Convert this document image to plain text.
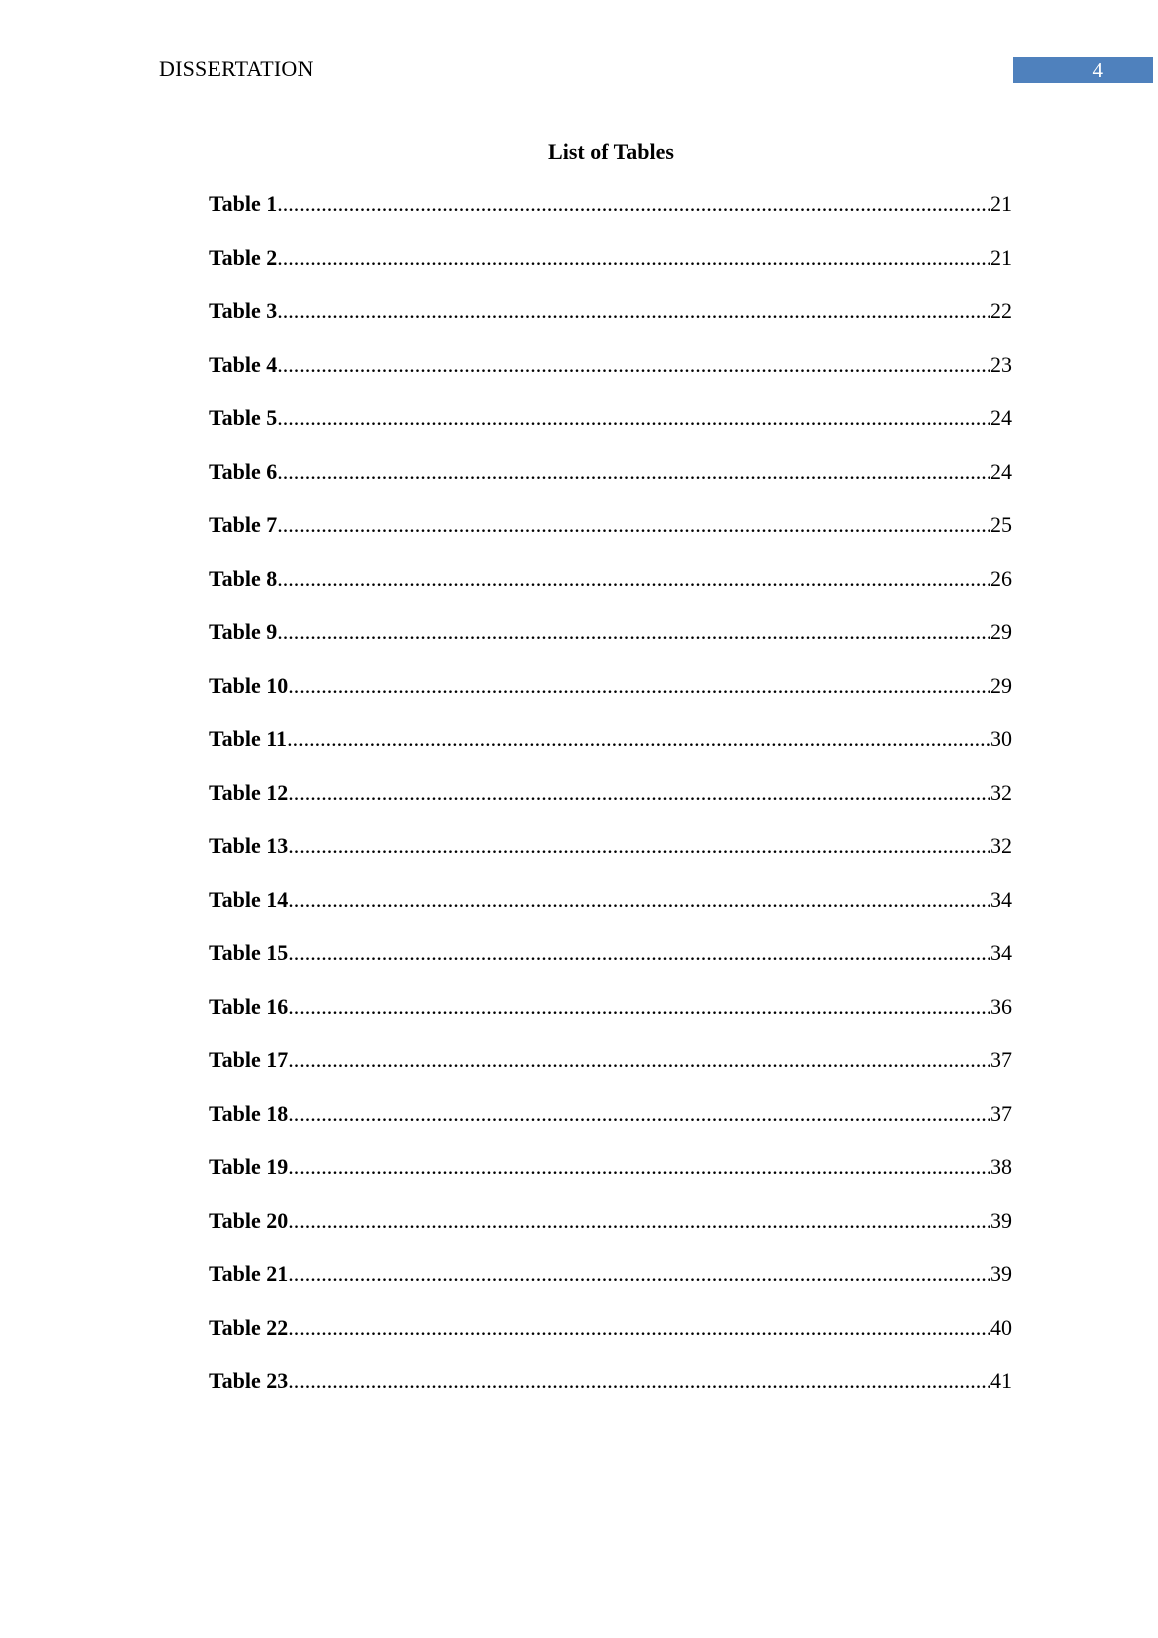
DISSERTATION	4
List of Tables
Table 1 .....	21
Table 2 .....	21
Table 3 .....	22
Table 4 .....	23
Table 5 .....	24
Table 6 .....	24
Table 7 .....	25
Table 8 .....	26
Table 9 .....	29
Table 10 .....	29
Table 11 .....	30
Table 12 .....	32
Table 13 .....	32
Table 14 .....	34
Table 15 .....	34
Table 16 .....	36
Table 17 .....	37
Table 18 .....	37
Table 19 .....	38
Table 20 .....	39
Table 21 .....	39
Table 22 .....	40
Table 23 .....	41
